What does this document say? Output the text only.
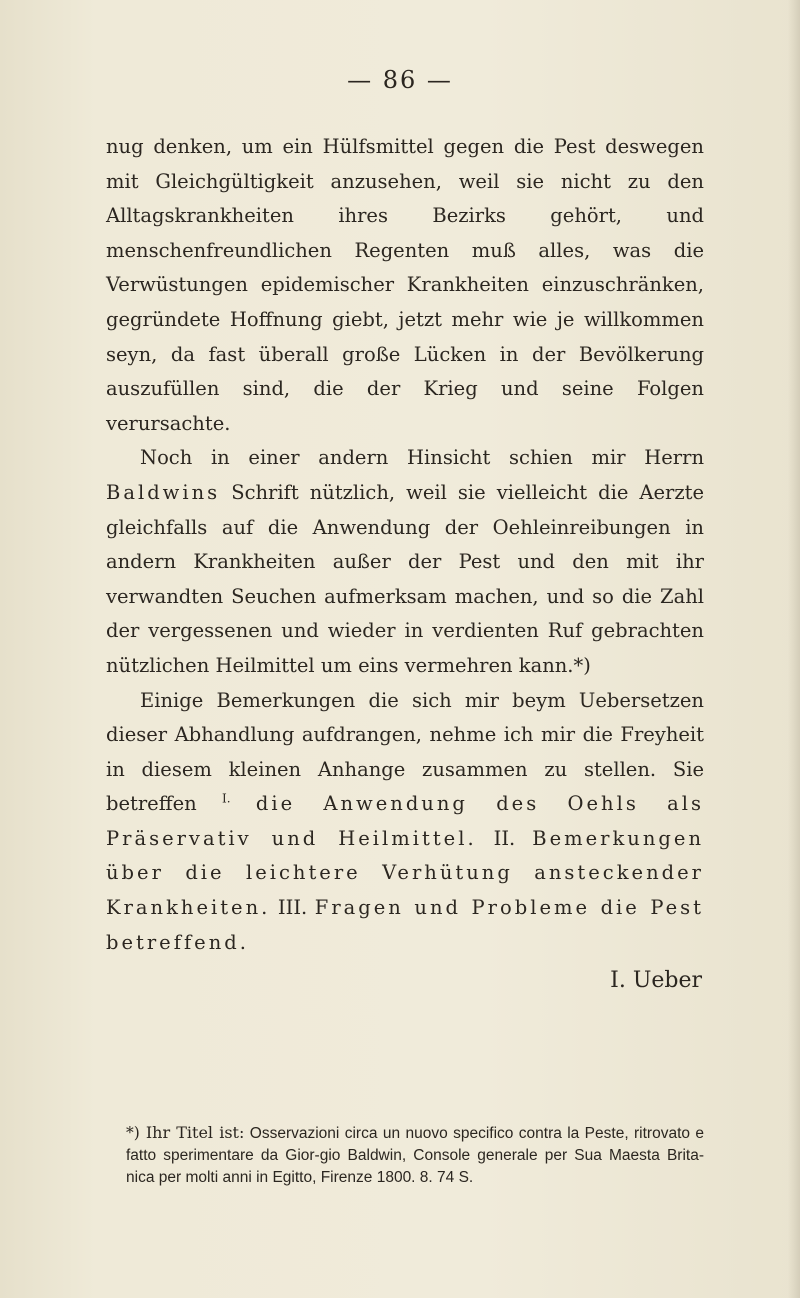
— 86 —

nug denken, um ein Hülfsmittel gegen die Pest deswegen mit Gleichgültigkeit anzusehen, weil sie nicht zu den Alltagskrankheiten ihres Bezirks gehört, und menschenfreundlichen Regenten muß alles, was die Verwüstungen epidemischer Krankheiten einzuschränken, gegründete Hoffnung giebt, jetzt mehr wie je willkommen seyn, da fast überall große Lücken in der Bevölkerung auszufüllen sind, die der Krieg und seine Folgen verursachte.

Noch in einer andern Hinsicht schien mir Herrn Baldwins Schrift nützlich, weil sie vielleicht die Aerzte gleichfalls auf die Anwendung der Oehleinreibungen in andern Krankheiten außer der Pest und den mit ihr verwandten Seuchen aufmerksam machen, und so die Zahl der vergessenen und wieder in verdienten Ruf gebrachten nützlichen Heilmittel um eins vermehren kann.*)

Einige Bemerkungen die sich mir beym Uebersetzen dieser Abhandlung aufdrangen, nehme ich mir die Freyheit in diesem kleinen Anhange zusammen zu stellen. Sie betreffen $^{I.}$ die Anwendung des Oehls als Präservativ und Heilmittel. II. Bemerkungen über die leichtere Verhütung ansteckender Krankheiten. III. Fragen und Probleme die Pest betreffend.

I. Ueber
*) Ihr Titel ist: Osservazioni circa un nuovo specifico contra la Peste, ritrovato e fatto sperimentare da Gior-gio Baldwin, Console generale per Sua Maesta Brita-nica per molti anni in Egitto, Firenze 1800. 8. 74 S.
